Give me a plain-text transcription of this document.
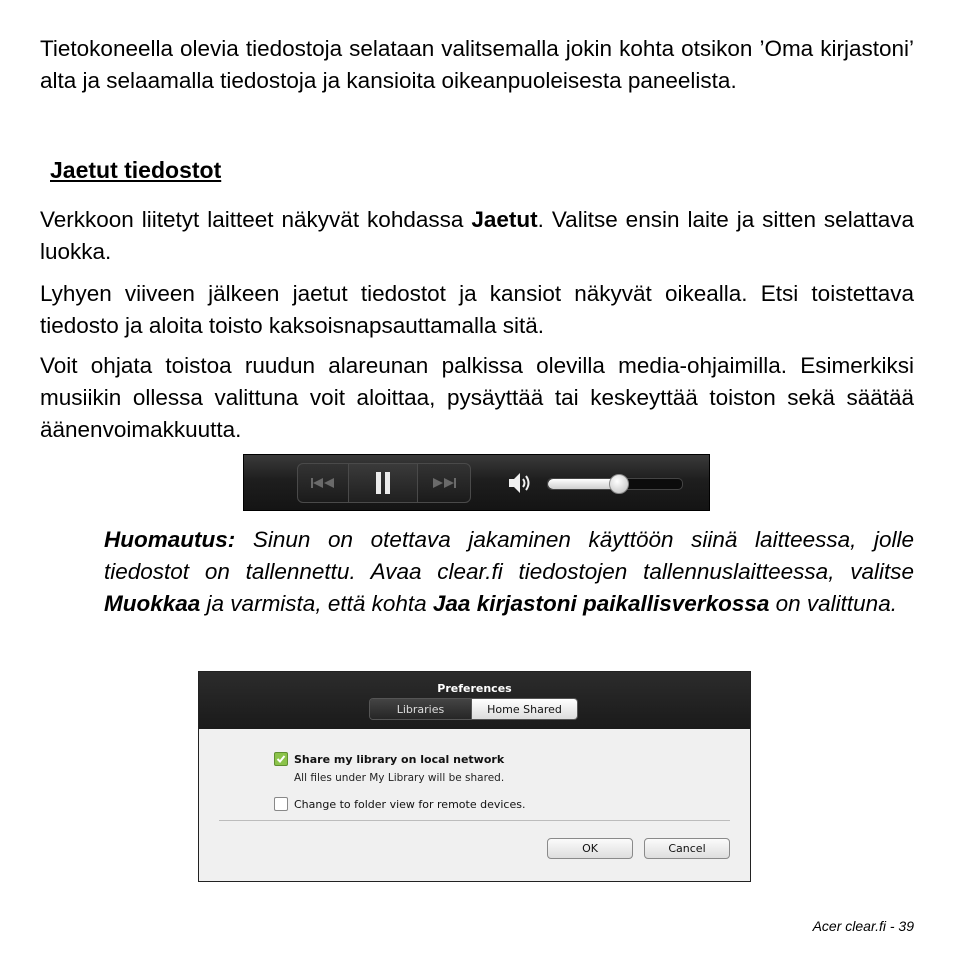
Tietokoneella olevia tiedostoja selataan valitsemalla jokin kohta otsikon ’Oma kirjastoni’ alta ja selaamalla tiedostoja ja kansioita oikeanpuoleisesta paneelista.

Jaetut tiedostot

Verkkoon liitetyt laitteet näkyvät kohdassa Jaetut. Valitse ensin laite ja sitten selattava luokka.

Lyhyen viiveen jälkeen jaetut tiedostot ja kansiot näkyvät oikealla. Etsi toistettava tiedosto ja aloita toisto kaksoisnapsauttamalla sitä.

Voit ohjata toistoa ruudun alareunan palkissa olevilla media-ohjaimilla. Esimerkiksi musiikin ollessa valittuna voit aloittaa, pysäyttää tai keskeyttää toiston sekä säätää äänenvoimakkuutta.

Huomautus: Sinun on otettava jakaminen käyttöön siinä laitteessa, jolle tiedostot on tallennettu. Avaa clear.fi tiedostojen tallennuslaitteessa, valitse Muokkaa ja varmista, että kohta Jaa kirjastoni paikallisverkossa on valittuna.

Preferences
Libraries	Home Shared
Share my library on local network
All files under My Library will be shared.
Change to folder view for remote devices.
OK	Cancel
Acer clear.fi - 39
